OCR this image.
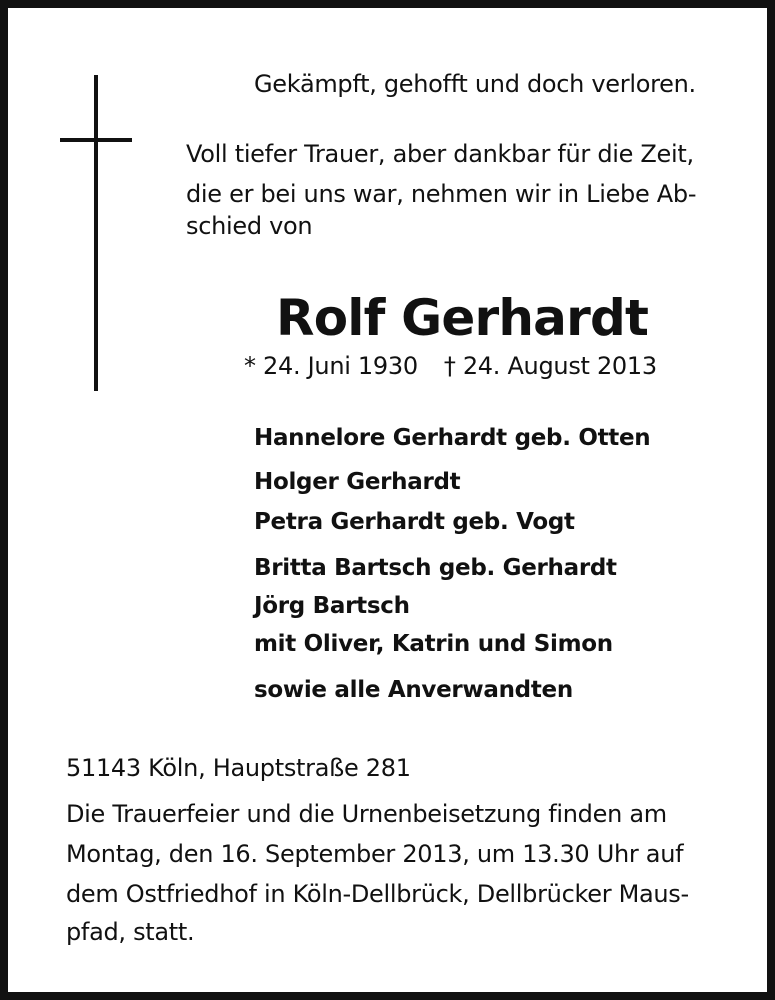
Gekämpft, gehofft und doch verloren.
Voll tiefer Trauer, aber dankbar für die Zeit,
die er bei uns war, nehmen wir in Liebe Ab-
schied von
Rolf Gerhardt
* 24. Juni 1930 † 24. August 2013
Hannelore Gerhardt geb. Otten
Holger Gerhardt
Petra Gerhardt geb. Vogt
Britta Bartsch geb. Gerhardt
Jörg Bartsch
mit Oliver, Katrin und Simon
sowie alle Anverwandten
51143 Köln, Hauptstraße 281
Die Trauerfeier und die Urnenbeisetzung finden am
Montag, den 16. September 2013, um 13.30 Uhr auf
dem Ostfriedhof in Köln-Dellbrück, Dellbrücker Maus-
pfad, statt.
